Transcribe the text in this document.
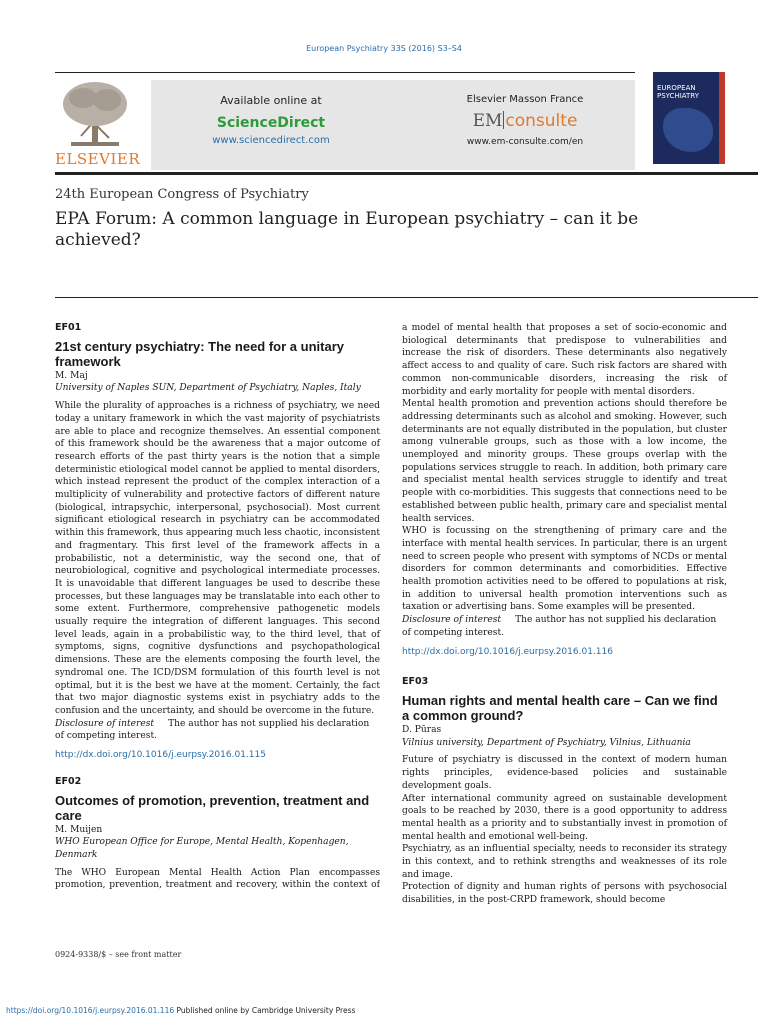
European Psychiatry 33S (2016) S3–S4
ELSEVIER
Available online at
ScienceDirect
www.sciencedirect.com
Elsevier Masson France
EM consulte
www.em-consulte.com/en
EUROPEAN
PSYCHIATRY
24th European Congress of Psychiatry
EPA Forum: A common language in European psychiatry – can it be achieved?

EF01

21st century psychiatry: The need for a unitary framework

M. Maj

University of Naples SUN, Department of Psychiatry, Naples, Italy

While the plurality of approaches is a richness of psychiatry, we need today a unitary framework in which the vast majority of psychiatrists are able to place and recognize themselves. An essential component of this framework should be the awareness that a major outcome of research efforts of the past thirty years is the notion that a simple deterministic etiological model cannot be applied to mental disorders, which instead represent the product of the complex interaction of a multiplicity of vulnerability and protective factors of different nature (biological, intrapsychic, interpersonal, psychosocial). Most current significant etiological research in psychiatry can be accommodated within this framework, thus appearing much less chaotic, inconsistent and fragmentary. This first level of the framework affects in a probabilistic, not a deterministic, way the second one, that of neurobiological, cognitive and psychological intermediate processes. It is unavoidable that different languages be used to describe these processes, but these languages may be translatable into each other to some extent. Furthermore, comprehensive pathogenetic models usually require the integration of different languages. This second level leads, again in a probabilistic way, to the third level, that of symptoms, signs, cognitive dysfunctions and psychopathological dimensions. These are the elements composing the fourth level, the syndromal one. The ICD/DSM formulation of this fourth level is not optimal, but it is the best we have at the moment. Certainly, the fact that two major diagnostic systems exist in psychiatry adds to the confusion and the uncertainty, and should be overcome in the future.

Disclosure of interest The author has not supplied his declaration of competing interest.

http://dx.doi.org/10.1016/j.eurpsy.2016.01.115

EF02

Outcomes of promotion, prevention, treatment and care

M. Muijen

WHO European Office for Europe, Mental Health, Kopenhagen, Denmark

The WHO European Mental Health Action Plan encompasses promotion, prevention, treatment and recovery, within the context of

a model of mental health that proposes a set of socio-economic and biological determinants that predispose to vulnerabilities and increase the risk of disorders. These determinants also negatively affect access to and quality of care. Such risk factors are shared with common non-communicable disorders, increasing the risk of morbidity and early mortality for people with mental disorders.

Mental health promotion and prevention actions should therefore be addressing determinants such as alcohol and smoking. However, such determinants are not equally distributed in the population, but cluster among vulnerable groups, such as those with a low income, the unemployed and minority groups. These groups overlap with the populations services struggle to reach. In addition, both primary care and specialist mental health services struggle to identify and treat people with co-morbidities. This suggests that connections need to be established between public health, primary care and specialist mental health services.

WHO is focussing on the strengthening of primary care and the interface with mental health services. In particular, there is an urgent need to screen people who present with symptoms of NCDs or mental disorders for common determinants and comorbidities. Effective health promotion activities need to be offered to populations at risk, in addition to universal health promotion interventions such as taxation or advertising bans. Some examples will be presented.

Disclosure of interest The author has not supplied his declaration of competing interest.

http://dx.doi.org/10.1016/j.eurpsy.2016.01.116

EF03

Human rights and mental health care – Can we find a common ground?

D. Pūras

Vilnius university, Department of Psychiatry, Vilnius, Lithuania

Future of psychiatry is discussed in the context of modern human rights principles, evidence-based policies and sustainable development goals.

After international community agreed on sustainable development goals to be reached by 2030, there is a good opportunity to address mental health as a priority and to substantially invest in promotion of mental health and emotional well-being.

Psychiatry, as an influential specialty, needs to reconsider its strategy in this context, and to rethink strengths and weaknesses of its role and image.

Protection of dignity and human rights of persons with psychosocial disabilities, in the post-CRPD framework, should become

0924-9338/$ – see front matter
https://doi.org/10.1016/j.eurpsy.2016.01.116 Published online by Cambridge University Press
